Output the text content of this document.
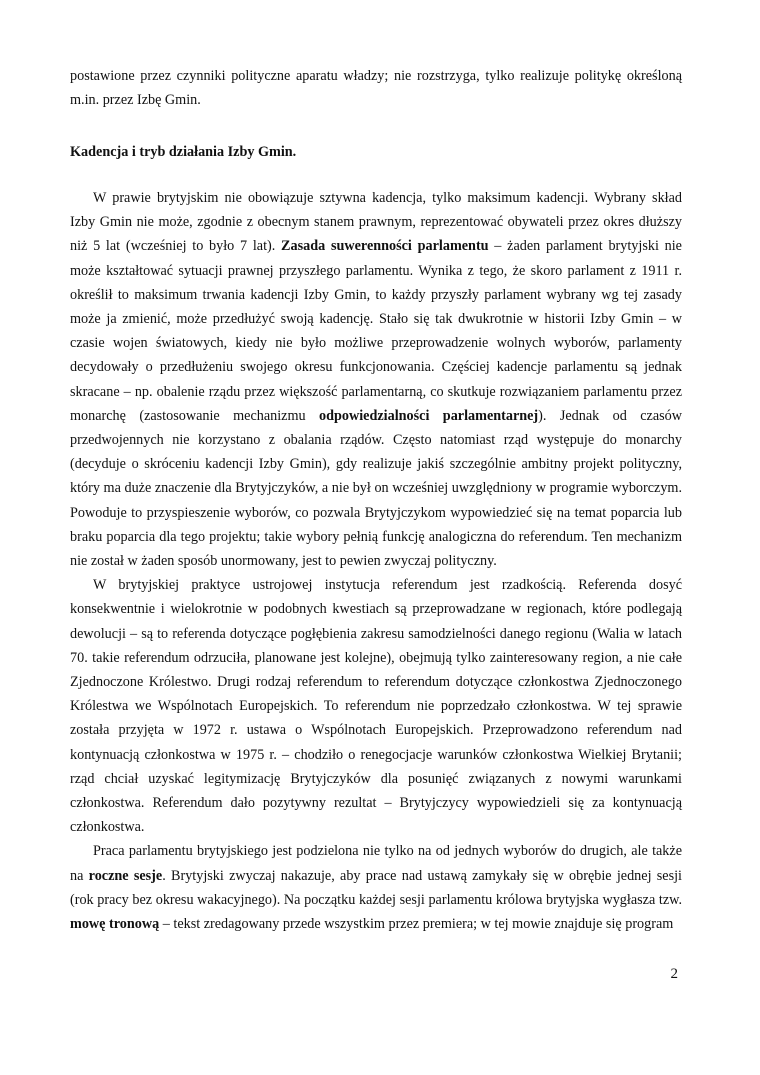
postawione przez czynniki polityczne aparatu władzy; nie rozstrzyga, tylko realizuje politykę określoną m.in. przez Izbę Gmin.
Kadencja i tryb działania Izby Gmin.

W prawie brytyjskim nie obowiązuje sztywna kadencja, tylko maksimum kadencji. Wybrany skład Izby Gmin nie może, zgodnie z obecnym stanem prawnym, reprezentować obywateli przez okres dłuższy niż 5 lat (wcześniej to było 7 lat). Zasada suwerenności parlamentu – żaden parlament brytyjski nie może kształtować sytuacji prawnej przyszłego parlamentu. Wynika z tego, że skoro parlament z 1911 r. określił to maksimum trwania kadencji Izby Gmin, to każdy przyszły parlament wybrany wg tej zasady może ja zmienić, może przedłużyć swoją kadencję. Stało się tak dwukrotnie w historii Izby Gmin – w czasie wojen światowych, kiedy nie było możliwe przeprowadzenie wolnych wyborów, parlamenty decydowały o przedłużeniu swojego okresu funkcjonowania. Częściej kadencje parlamentu są jednak skracane – np. obalenie rządu przez większość parlamentarną, co skutkuje rozwiązaniem parlamentu przez monarchę (zastosowanie mechanizmu odpowiedzialności parlamentarnej). Jednak od czasów przedwojennych nie korzystano z obalania rządów. Często natomiast rząd występuje do monarchy (decyduje o skróceniu kadencji Izby Gmin), gdy realizuje jakiś szczególnie ambitny projekt polityczny, który ma duże znaczenie dla Brytyjczyków, a nie był on wcześniej uwzględniony w programie wyborczym. Powoduje to przyspieszenie wyborów, co pozwala Brytyjczykom wypowiedzieć się na temat poparcia lub braku poparcia dla tego projektu; takie wybory pełnią funkcję analogiczna do referendum. Ten mechanizm nie został w żaden sposób unormowany, jest to pewien zwyczaj polityczny.

W brytyjskiej praktyce ustrojowej instytucja referendum jest rzadkością. Referenda dosyć konsekwentnie i wielokrotnie w podobnych kwestiach są przeprowadzane w regionach, które podlegają dewolucji – są to referenda dotyczące pogłębienia zakresu samodzielności danego regionu (Walia w latach 70. takie referendum odrzuciła, planowane jest kolejne), obejmują tylko zainteresowany region, a nie całe Zjednoczone Królestwo. Drugi rodzaj referendum to referendum dotyczące członkostwa Zjednoczonego Królestwa we Wspólnotach Europejskich. To referendum nie poprzedzało członkostwa. W tej sprawie została przyjęta w 1972 r. ustawa o Wspólnotach Europejskich. Przeprowadzono referendum nad kontynuacją członkostwa w 1975 r. – chodziło o renegocjacje warunków członkostwa Wielkiej Brytanii; rząd chciał uzyskać legitymizację Brytyjczyków dla posunięć związanych z nowymi warunkami członkostwa. Referendum dało pozytywny rezultat – Brytyjczycy wypowiedzieli się za kontynuacją członkostwa.

Praca parlamentu brytyjskiego jest podzielona nie tylko na od jednych wyborów do drugich, ale także na roczne sesje. Brytyjski zwyczaj nakazuje, aby prace nad ustawą zamykały się w obrębie jednej sesji (rok pracy bez okresu wakacyjnego). Na początku każdej sesji parlamentu królowa brytyjska wygłasza tzw. mowę tronową – tekst zredagowany przede wszystkim przez premiera; w tej mowie znajduje się program

2
